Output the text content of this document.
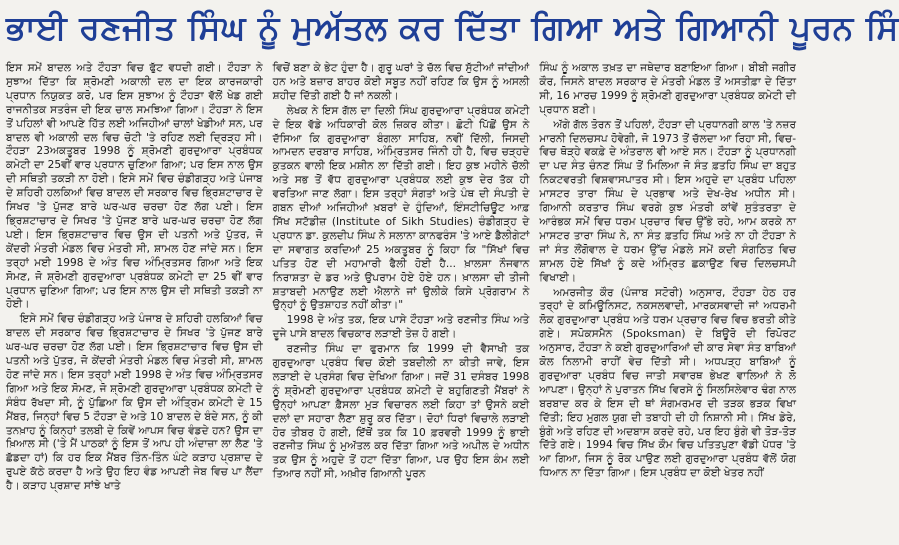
ਭਾਈ ਰਣਜੀਤ ਸਿੰਘ ਨੂੰ ਮੁਅੱਤਲ ਕਰ ਦਿੱਤਾ ਗਿਆ ਅਤੇ ਗਿਆਨੀ ਪੂਰਨ ਸਿੰ

ਇਸ ਸਮੇਂ ਬਾਦਲ ਅਤੇ ਟੌਹੜਾ ਵਿਚ ਫੁੱਟ ਵਧਦੀ ਗਈ। ਟੌਹੜਾ ਨੇ ਸੁਝਾਅ ਦਿੱਤਾ ਕਿ ਸ਼੍ਰੋਮਣੀ ਅਕਾਲੀ ਦਲ ਦਾ ਇਕ ਕਾਰਜਕਾਰੀ ਪ੍ਰਧਾਨ ਨਿਯੁਕਤ ਕਰੋ, ਪਰ ਇਸ ਸੁਝਾਅ ਨੂੰ ਟੌਹੜਾ ਵੱਲੋਂ ਖੇਡ ਗਈ ਰਾਜਨੀਤਕ ਸਤਰੰਜ ਦੀ ਇਕ ਚਾਲ ਸਮਝਿਆ ਗਿਆ। ਟੌਹੜਾ ਨੇ ਇਸ ਤੋਂ ਪਹਿਲਾਂ ਵੀ ਆਪਣੇ ਹਿੱਤ ਲਈ ਅਜਿਹੀਆਂ ਚਾਲਾਂ ਖੇਡੀਆਂ ਸਨ, ਪਰ ਬਾਦਲ ਵੀ ਅਕਾਲੀ ਦਲ ਵਿਚ ਚੋਟੀ 'ਤੇ ਰਹਿਣ ਲਈ ਦ੍ਰਿੜ੍ਹ ਸੀ। ਟੌਹੜਾ 23ਅਕਤੂਬਰ 1998 ਨੂੰ ਸ਼੍ਰੋਮਣੀ ਗੁਰਦੁਆਰਾ ਪ੍ਰਬੰਧਕ ਕਮੇਟੀ ਦਾ 25ਵੀਂ ਵਾਰ ਪ੍ਰਧਾਨ ਚੁਣਿਆ ਗਿਆ; ਪਰ ਇਸ ਨਾਲ ਉਸ ਦੀ ਸਥਿਤੀ ਤਕੜੀ ਨਾ ਹੋਈ। ਇਸੇ ਸਮੇਂ ਵਿਚ ਚੰਡੀਗੜ੍ਹ ਅਤੇ ਪੰਜਾਬ ਦੇ ਸ਼ਹਿਰੀ ਹਲਕਿਆਂ ਵਿਚ ਬਾਦਲ ਦੀ ਸਰਕਾਰ ਵਿਚ ਭ੍ਰਿਸ਼ਟਾਚਾਰ ਦੇ ਸਿਖਰ 'ਤੇ ਪੁੱਜਣ ਬਾਰੇ ਘਰ-ਘਰ ਚਰਚਾ ਹੋਣ ਲੱਗ ਪਈ। ਇਸ ਭ੍ਰਿਸ਼ਟਾਚਾਰ ਦੇ ਸਿਖਰ 'ਤੇ ਪੁੱਜਣ ਬਾਰੇ ਘਰ-ਘਰ ਚਰਚਾ ਹੋਣ ਲੱਗ ਪਈ। ਇਸ ਭ੍ਰਿਸ਼ਟਾਚਾਰ ਵਿਚ ਉਸ ਦੀ ਪਤਨੀ ਅਤੇ ਪੁੱਤਰ, ਜੋ ਕੇਂਦਰੀ ਮੰਤਰੀ ਮੰਡਲ ਵਿਚ ਮੰਤਰੀ ਸੀ, ਸ਼ਾਮਲ ਹੋਣ ਜਾਂਦੇ ਸਨ। ਇਸ ਤਰ੍ਹਾਂ ਮਈ 1998 ਦੇ ਅੰਤ ਵਿਚ ਅੰਮ੍ਰਿਤਸਰ ਗਿਆ ਅਤੇ ਇਕ ਸੋਮਣ, ਜੋ ਸ਼੍ਰੋਮਣੀ ਗੁਰਦੁਆਰਾ ਪ੍ਰਬੰਧਕ ਕਮੇਟੀ ਦਾ 25 ਵੀਂ ਵਾਰ ਪ੍ਰਧਾਨ ਚੁਣਿਆ ਗਿਆ; ਪਰ ਇਸ ਨਾਲ ਉਸ ਦੀ ਸਥਿਤੀ ਤਕੜੀ ਨਾ ਹੋਈ।

ਇਸੇ ਸਮੇਂ ਵਿਚ ਚੰਡੀਗੜ੍ਹ ਅਤੇ ਪੰਜਾਬ ਦੇ ਸ਼ਹਿਰੀ ਹਲਕਿਆਂ ਵਿਚ ਬਾਦਲ ਦੀ ਸਰਕਾਰ ਵਿਚ ਭ੍ਰਿਸ਼ਟਾਚਾਰ ਦੇ ਸਿਖਰ 'ਤੇ ਪੁੱਜਣ ਬਾਰੇ ਘਰ-ਘਰ ਚਰਚਾ ਹੋਣ ਲੱਗ ਪਈ। ਇਸ ਭ੍ਰਿਸ਼ਟਾਚਾਰ ਵਿਚ ਉਸ ਦੀ ਪਤਨੀ ਅਤੇ ਪੁੱਤਰ, ਜੋ ਕੇਂਦਰੀ ਮੰਤਰੀ ਮੰਡਲ ਵਿਚ ਮੰਤਰੀ ਸੀ, ਸ਼ਾਮਲ ਹੋਣ ਜਾਂਦੇ ਸਨ। ਇਸ ਤਰ੍ਹਾਂ ਮਈ 1998 ਦੇ ਅੰਤ ਵਿਚ ਅੰਮ੍ਰਿਤਸਰ ਗਿਆ ਅਤੇ ਇਕ ਸੋਮਣ, ਜੋ ਸ਼੍ਰੋਮਣੀ ਗੁਰਦੁਆਰਾ ਪ੍ਰਬੰਧਕ ਕਮੇਟੀ ਦੇ ਸੰਬੰਧ ਰੱਖਦਾ ਸੀ, ਨੂੰ ਪੁੱਛਿਆ ਕਿ ਉਸ ਦੀ ਅੰਤ੍ਰਿਮ ਕਮੇਟੀ ਦੇ 15 ਮੈਂਬਰ, ਜਿਨ੍ਹਾਂ ਵਿਚ 5 ਟੌਹੜਾ ਦੇ ਅਤੇ 10 ਬਾਦਲ ਦੇ ਬੰਦੇ ਸਨ, ਨੂੰ ਕੀ ਤਨਖ਼ਾਹ ਨੂੰ ਕਿਨ੍ਹਾਂ ਤਲਬੀ ਦੇ ਕਿਵੇਂ ਆਪਸ ਵਿਚ ਵੰਡਦੇ ਹਨ? ਉਸ ਦਾ ਖ਼ਿਆਲ ਸੀ ('ਤੇ ਮੈਂ ਪਾਠਕਾਂ ਨੂੰ ਇਸ ਤੋਂ ਆਪ ਹੀ ਅੰਦਾਜ਼ਾ ਲਾ ਲੈਣ 'ਤੇ ਛੱਡਦਾ ਹਾਂ) ਕਿ ਹਰ ਇਕ ਮੈਂਬਰ ਤਿੰਨ-ਤਿੰਨ ਘੰਟੇ ਕੜਾਹ ਪ੍ਰਸ਼ਾਦ ਦੇ ਰੁਪਏ ਕੱਠੇ ਕਰਦਾ ਹੈ ਅਤੇ ਉਹ ਇਹ ਵੰਡ ਆਪਣੀ ਜੇਬ ਵਿਚ ਪਾ ਲੈਂਦਾ ਹੈ। ਕੜਾਹ ਪ੍ਰਸ਼ਾਦ ਸਾਂਝੇ ਖਾਤੇ

ਵਿਚੋਂ ਬਣਾ ਕੇ ਭੇਟ ਹੁੰਦਾ ਹੈ। ਗੁਰੂ ਘਰਾਂ ਤੇ ਚੱਲ ਵਿਚ ਸੁੱਟੀਆਂ ਜਾਂਦੀਆਂ ਹਨ ਅਤੇ ਬਜ਼ਾਰ ਬਾਹਰ ਕੋਈ ਸਬੂਤ ਨਹੀਂ ਰਹਿਣ ਕਿ ਉਸ ਨੂੰ ਅਸਲੀ ਸ਼ਹੀਦ ਦਿੱਤੀ ਗਈ ਹੈ ਜਾਂ ਨਕਲੀ।

ਲੇਖਕ ਨੇ ਇਸ ਗੱਲ ਦਾ ਦਿਲੀ ਸਿੰਘ ਗੁਰਦੁਆਰਾ ਪ੍ਰਬੰਧਕ ਕਮੇਟੀ ਦੇ ਇਕ ਵੱਡੇ ਅਧਿਕਾਰੀ ਕੋਲ ਜ਼ਿਕਰ ਕੀਤਾ। ਛੋਟੀ ਪਿੱਛੋਂ ਉਸ ਨੇ ਦੱਸਿਆ ਕਿ ਗੁਰਦੁਆਰਾ ਬੰਗਲਾ ਸਾਹਿਬ, ਨਵੀਂ ਦਿੱਲੀ, ਜਿਸਦੀ ਆਮਦਨ ਦਰਬਾਰ ਸਾਹਿਬ, ਅੰਮ੍ਰਿਤਸਰ ਜਿੰਨੀ ਹੀ ਹੈ, ਵਿਚ ਚੜ੍ਹਦੇ ਕੁਤਕਨ ਵਾਲੀ ਇਕ ਮਸ਼ੀਨ ਲਾ ਦਿੱਤੀ ਗਈ। ਇਹ ਕੁਝ ਮਹੀਨੇ ਚੱਲੀ ਅਤੇ ਸਭ ਤੋਂ ਵੱਧ ਗੁਰਦੁਆਰਾ ਪ੍ਰਬੰਧਕ ਲਈ ਕੁਝ ਦੇਰ ਤੱਕ ਹੀ ਵਰਤਿਆ ਜਾਣ ਲੱਗਾ। ਇਸ ਤਰ੍ਹਾਂ ਸੰਗਤਾਂ ਅਤੇ ਪੰਥ ਦੀ ਸੰਪਤੀ ਦੇ ਗਬਨ ਦੀਆਂ ਅਜਿਹੀਆਂ ਖ਼ਬਰਾਂ ਦੇ ਹੁੰਦਿਆਂ, ਇੰਸਟੀਚਿਊਟ ਆਫ਼ ਸਿੱਖ ਸਟੱਡੀਜ਼ (Institute of Sikh Studies) ਚੰਡੀਗੜ੍ਹ ਦੇ ਪ੍ਰਧਾਨ ਡਾ. ਕੁਲਦੀਪ ਸਿੰਘ ਨੇ ਸਲਾਨਾ ਕਾਨਫਰੰਸ 'ਤੇ ਆਏ ਡੈਲੀਗੇਟਾਂ ਦਾ ਸਵਾਗਤ ਕਰਦਿਆਂ 25 ਅਕਤੂਬਰ ਨੂੰ ਕਿਹਾ ਕਿ "ਸਿੱਖਾਂ ਵਿਚ ਪਤਿਤ ਹੋਣ ਦੀ ਮਹਾਮਾਰੀ ਫੈਲੀ ਹੋਈ ਹੈ... ਖ਼ਾਲਸਾ ਨੌਜਵਾਨ ਨਿਰਾਸ਼ਤਾ ਦੇ ਡਰ ਅਤੇ ਉਪਰਾਮ ਹੋਏ ਹੋਏ ਹਨ। ਖ਼ਾਲਸਾ ਦੀ ਤੀਜੀ ਸ਼ਤਾਬਦੀ ਮਨਾਉਣ ਲਈ ਐਲਾਨੇ ਜਾਂ ਉਲੀਕੇ ਕਿਸੇ ਪ੍ਰੋਗਰਾਮ ਨੇ ਉਨ੍ਹਾਂ ਨੂੰ ਉਤਸ਼ਾਹਤ ਨਹੀਂ ਕੀਤਾ।"

1998 ਦੇ ਅੰਤ ਤਕ, ਇਕ ਪਾਸੇ ਟੌਹੜਾ ਅਤੇ ਰਣਜੀਤ ਸਿੰਘ ਅਤੇ ਦੂਜੇ ਪਾਸੇ ਬਾਦਲ ਵਿਚਕਾਰ ਲੜਾਈ ਤੇਜ਼ ਹੋ ਗਈ।

ਰਣਜੀਤ ਸਿੰਘ ਦਾ ਫੁਰਮਾਨ ਕਿ 1999 ਦੀ ਵੈਸਾਖੀ ਤਕ ਗੁਰਦੁਆਰਾ ਪ੍ਰਬੰਧ ਵਿਚ ਕੋਈ ਤਬਦੀਲੀ ਨਾ ਕੀਤੀ ਜਾਵੇ, ਇਸ ਲੜਾਈ ਦੇ ਪ੍ਰਸੰਗ ਵਿਚ ਦੇਖਿਆ ਗਿਆ। ਜਦੋਂ 31 ਦਸੰਬਰ 1998 ਨੂੰ ਸ਼੍ਰੋਮਣੀ ਗੁਰਦੁਆਰਾ ਪ੍ਰਬੰਧਕ ਕਮੇਟੀ ਦੇ ਬਹੁਗਿਣਤੀ ਮੈਂਬਰਾਂ ਨੇ ਉਨ੍ਹਾਂ ਆਪਣਾ ਫ਼ੈਸਲਾ ਮੁੜ ਵਿਚਾਰਨ ਲਈ ਕਿਹਾ ਤਾਂ ਉਸਨੇ ਕਈ ਦਲਾਂ ਦਾ ਸਹਾਰਾ ਲੈਣਾ ਸ਼ੁਰੂ ਕਰ ਦਿੱਤਾ। ਦੋਹਾਂ ਧਿਰਾਂ ਵਿਚਾਲੇ ਲੜਾਈ ਹੋਰ ਤੀਬਰ ਹੋ ਗਈ, ਇੱਥੋਂ ਤਕ ਕਿ 10 ਫ਼ਰਵਰੀ 1999 ਨੂੰ ਭਾਈ ਰਣਜੀਤ ਸਿੰਘ ਨੂੰ ਮੁਅੱਤਲ ਕਰ ਦਿੱਤਾ ਗਿਆ ਅਤੇ ਅਪੀਲ ਦੇ ਅਧੀਨ ਤਕ ਉਸ ਨੂੰ ਅਹੁਦੇ ਤੋਂ ਹਟਾ ਦਿੱਤਾ ਗਿਆ, ਪਰ ਉਹ ਇਸ ਕੰਮ ਲਈ ਤਿਆਰ ਨਹੀਂ ਸੀ, ਅਖ਼ੀਰ ਗਿਆਨੀ ਪੂਰਨ

ਸਿੰਘ ਨੂੰ ਅਕਾਲ ਤਖ਼ਤ ਦਾ ਜਥੇਦਾਰ ਬਣਾਇਆ ਗਿਆ। ਬੀਬੀ ਜਗੀਰ ਕੌਰ, ਜਿਸਨੇ ਬਾਦਲ ਸਰਕਾਰ ਦੇ ਮੰਤਰੀ ਮੰਡਲ ਤੋਂ ਅਸਤੀਫ਼ਾ ਦੇ ਦਿੱਤਾ ਸੀ, 16 ਮਾਰਚ 1999 ਨੂੰ ਸ਼੍ਰੋਮਣੀ ਗੁਰਦੁਆਰਾ ਪ੍ਰਬੰਧਕ ਕਮੇਟੀ ਦੀ ਪ੍ਰਧਾਨ ਬਣੀ।

ਅੱਗੇ ਗੱਲ ਤੋਰਨ ਤੋਂ ਪਹਿਲਾਂ, ਟੌਹੜਾ ਦੀ ਪ੍ਰਧਾਨਗੀ ਕਾਲ 'ਤੇ ਨਜ਼ਰ ਮਾਰਨੀ ਦਿਲਚਸਪ ਹੋਵੇਗੀ, ਜੋ 1973 ਤੋਂ ਚੱਲਦਾ ਆ ਰਿਹਾ ਸੀ, ਵਿਚ-ਵਿਚ ਥੋੜ੍ਹੇ ਵਕਫ਼ੇ ਦੇ ਅੰਤਰਾਲ ਵੀ ਆਏ ਸਨ। ਟੌਹੜਾ ਨੂੰ ਪ੍ਰਧਾਨਗੀ ਦਾ ਪਦ ਸੰਤ ਚੰਨਣ ਸਿੰਘ ਤੋਂ ਮਿਲਿਆ ਜੋ ਸੰਤ ਫ਼ਤਹਿ ਸਿੰਘ ਦਾ ਬਹੁਤ ਨਿਕਟਵਰਤੀ ਵਿਸ਼ਵਾਸਪਾਤਰ ਸੀ। ਇਸ ਅਹੁਦੇ ਦਾ ਪ੍ਰਬੰਧ ਪਹਿਲਾ ਮਾਸਟਰ ਤਾਰਾ ਸਿੰਘ ਦੇ ਪ੍ਰਭਾਵ ਅਤੇ ਦੇਖ-ਰੇਖ ਅਧੀਨ ਸੀ। ਗਿਆਨੀ ਕਰਤਾਰ ਸਿੰਘ ਵਰਗੇ ਕੁਝ ਮੰਤਰੀ ਕਾਂਵੇਂ ਸੁਤੰਤਰਤਾ ਦੇ ਆਰੰਭਕ ਸਮੇਂ ਵਿਚ ਧਰਮ ਪ੍ਰਚਾਰ ਵਿਚ ਉੱਭੇ ਰਹੇ, ਆਮ ਕਰਕੇ ਨਾ ਮਾਸਟਰ ਤਾਰਾ ਸਿੰਘ ਨੇ, ਨਾ ਸੰਤ ਫ਼ਤਹਿ ਸਿੰਘ ਅਤੇ ਨਾ ਹੀ ਟੌਹੜਾ ਨੇ ਜਾਂ ਸੰਤ ਲੌਂਗੋਵਾਲ ਦੇ ਧਰਮ ਉੱਚ ਮੰਡਲੇ ਸਮੇਂ ਕਦੀ ਸੰਗਠਿਤ ਵਿਚ ਸ਼ਾਮਲ ਹੋਏ ਸਿੱਖਾਂ ਨੂੰ ਕਦੇ ਅੰਮ੍ਰਿਤ ਛਕਾਉਣ ਵਿਚ ਦਿਲਚਸਪੀ ਵਿਖਾਈ।

ਅਮਰਜੀਤ ਕੌਰ (ਪੰਜਾਬ ਸਟੋਰੀ) ਅਨੁਸਾਰ, ਟੌਹੜਾ ਹੇਠ ਹਰ ਤਰ੍ਹਾਂ ਦੇ ਕਮਿਊਨਿਸਟ, ਨਕਸਲਵਾਦੀ, ਮਾਰਕਸਵਾਦੀ ਜਾਂ ਅਧਰਮੀ ਲੋਕ ਗੁਰਦੁਆਰਾ ਪ੍ਰਬੰਧ ਅਤੇ ਧਰਮ ਪ੍ਰਚਾਰ ਵਿਚ ਵਿਚ ਭਰਤੀ ਕੀਤੇ ਗਏ। ਸਪੋਕਸਮੈਨ (Spoksman) ਦੇ ਬਿਊਰੋ ਦੀ ਰਿਪੋਰਟ ਅਨੁਸਾਰ, ਟੌਹੜਾ ਨੇ ਕਈ ਗੁਰਦੁਆਰਿਆਂ ਦੀ ਕਾਰ ਸੇਵਾ ਸੰਤ ਬਾਬਿਆਂ ਕੋਲ ਨਿਲਾਮੀ ਰਾਹੀਂ ਵੇਚ ਦਿੱਤੀ ਸੀ। ਅਧਪੜ੍ਹ ਬਾਬਿਆਂ ਨੂੰ ਗੁਰਦੁਆਰਾ ਪ੍ਰਬੰਧ ਵਿਚ ਜਾਤੀ ਸਵਾਰਥ ਭੇਖਣ ਵਾਲਿਆਂ ਨੇ ਲੋ ਆਪਣਾ। ਉਨ੍ਹਾਂ ਨੇ ਪੁਰਾਤਨ ਸਿੱਖ ਵਿਰਸੇ ਨੂੰ ਸਿਲਸਿਲੇਵਾਰ ਢੰਗ ਨਾਲ ਬਰਬਾਦ ਕਰ ਕੇ ਇਸ ਦੀ ਥਾਂ ਸੰਗਮਰਮਰ ਦੀ ਤੜਕ ਭੜਕ ਵਿਖਾ ਦਿੱਤੀ; ਇਹ ਮੁਗਲ ਯੁਗ ਦੀ ਤਬਾਹੀ ਦੀ ਹੀ ਨਿਸ਼ਾਨੀ ਸੀ। ਸਿੱਖ ਡੇਰੇ, ਬੁੰਗੇ ਅਤੇ ਰਹਿਣ ਦੀ ਅਦਬਾਸ ਕਰਦੇ ਰਹੇ, ਪਰ ਇਹ ਬੁੰਗੇ ਵੀ ਤੋੜ-ਤੋੜ ਦਿੱਤੇ ਗਏ। 1994 ਵਿਚ ਸਿੱਖ ਕੌਮ ਵਿਚ ਪਤਿਤਪੁਣਾ ਵੱਡੀ ਪੱਧਰ 'ਤੇ ਆ ਗਿਆ, ਜਿਸ ਨੂੰ ਰੋਕ ਪਾਉਣ ਲਈ ਗੁਰਦੁਆਰਾ ਪ੍ਰਬੰਧ ਵੱਲੋਂ ਯੋਗ ਧਿਆਨ ਨਾ ਦਿੱਤਾ ਗਿਆ। ਇਸ ਪ੍ਰਬੰਧ ਦਾ ਕੋਈ ਖੇਤਰ ਨਹੀਂ
